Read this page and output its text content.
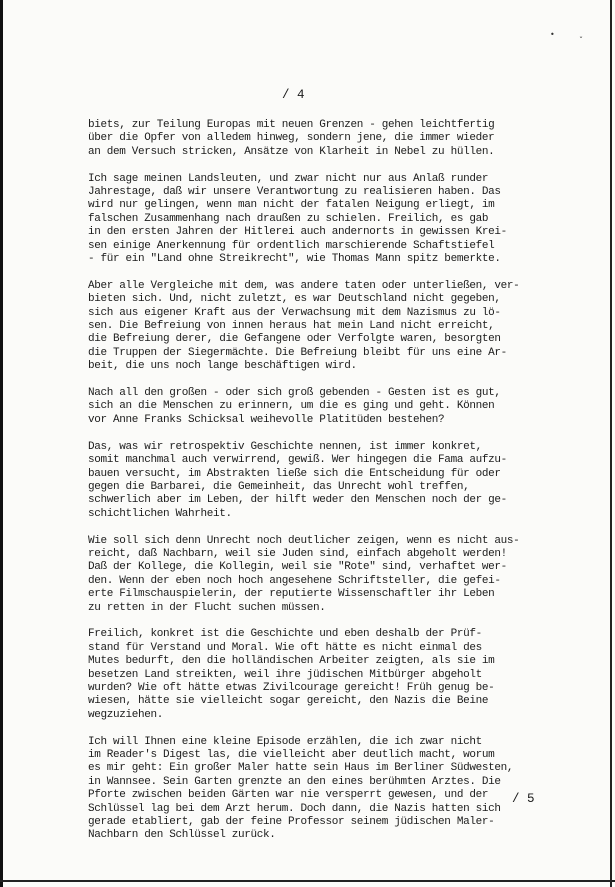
•
ˇ
/ 4

biets, zur Teilung Europas mit neuen Grenzen - gehen leichtfertig
über die Opfer von alledem hinweg, sondern jene, die immer wieder
an dem Versuch stricken, Ansätze von Klarheit in Nebel zu hüllen.

Ich sage meinen Landsleuten, und zwar nicht nur aus Anlaß runder
Jahrestage, daß wir unsere Verantwortung zu realisieren haben. Das
wird nur gelingen, wenn man nicht der fatalen Neigung erliegt, im
falschen Zusammenhang nach draußen zu schielen. Freilich, es gab
in den ersten Jahren der Hitlerei auch andernorts in gewissen Krei-
sen einige Anerkennung für ordentlich marschierende Schaftstiefel
- für ein "Land ohne Streikrecht", wie Thomas Mann spitz bemerkte.

Aber alle Vergleiche mit dem, was andere taten oder unterließen, ver-
bieten sich. Und, nicht zuletzt, es war Deutschland nicht gegeben,
sich aus eigener Kraft aus der Verwachsung mit dem Nazismus zu lö-
sen. Die Befreiung von innen heraus hat mein Land nicht erreicht,
die Befreiung derer, die Gefangene oder Verfolgte waren, besorgten
die Truppen der Siegermächte. Die Befreiung bleibt für uns eine Ar-
beit, die uns noch lange beschäftigen wird.

Nach all den großen - oder sich groß gebenden - Gesten ist es gut,
sich an die Menschen zu erinnern, um die es ging und geht. Können
vor Anne Franks Schicksal weihevolle Platitüden bestehen?

Das, was wir retrospektiv Geschichte nennen, ist immer konkret,
somit manchmal auch verwirrend, gewiß. Wer hingegen die Fama aufzu-
bauen versucht, im Abstrakten ließe sich die Entscheidung für oder
gegen die Barbarei, die Gemeinheit, das Unrecht wohl treffen,
schwerlich aber im Leben, der hilft weder den Menschen noch der ge-
schichtlichen Wahrheit.

Wie soll sich denn Unrecht noch deutlicher zeigen, wenn es nicht aus-
reicht, daß Nachbarn, weil sie Juden sind, einfach abgeholt werden!
Daß der Kollege, die Kollegin, weil sie "Rote" sind, verhaftet wer-
den. Wenn der eben noch hoch angesehene Schriftsteller, die gefei-
erte Filmschauspielerin, der reputierte Wissenschaftler ihr Leben
zu retten in der Flucht suchen müssen.

Freilich, konkret ist die Geschichte und eben deshalb der Prüf-
stand für Verstand und Moral. Wie oft hätte es nicht einmal des
Mutes bedurft, den die holländischen Arbeiter zeigten, als sie im
besetzen Land streikten, weil ihre jüdischen Mitbürger abgeholt
wurden? Wie oft hätte etwas Zivilcourage gereicht! Früh genug be-
wiesen, hätte sie vielleicht sogar gereicht, den Nazis die Beine
wegzuziehen.

Ich will Ihnen eine kleine Episode erzählen, die ich zwar nicht
im Reader's Digest las, die vielleicht aber deutlich macht, worum
es mir geht: Ein großer Maler hatte sein Haus im Berliner Südwesten,
in Wannsee. Sein Garten grenzte an den eines berühmten Arztes. Die
Pforte zwischen beiden Gärten war nie versperrt gewesen, und der
Schlüssel lag bei dem Arzt herum. Doch dann, die Nazis hatten sich
gerade etabliert, gab der feine Professor seinem jüdischen Maler-
Nachbarn den Schlüssel zurück.

/ 5
